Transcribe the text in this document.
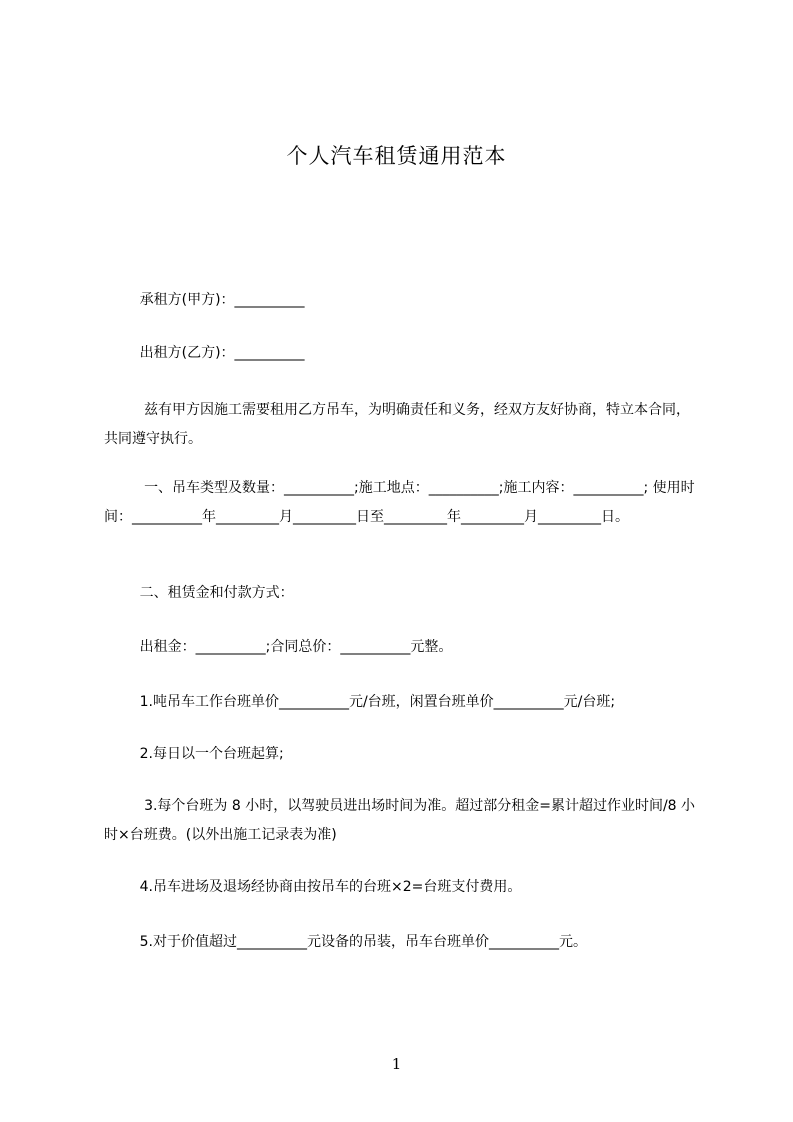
个人汽车租赁通用范本

承租方(甲方)：__________

出租方(乙方)：__________

兹有甲方因施工需要租用乙方吊车，为明确责任和义务，经双方友好协商，特立本合同，共同遵守执行。

一、吊车类型及数量：__________;施工地点：__________;施工内容：__________; 使用时间：__________年_________月_________日至_________年_________月_________日。

二、租赁金和付款方式：

出租金：__________;合同总价：__________元整。

1.吨吊车工作台班单价__________元/台班，闲置台班单价__________元/台班;

2.每日以一个台班起算;

3.每个台班为 8 小时，以驾驶员进出场时间为准。超过部分租金=累计超过作业时间/8 小时×台班费。(以外出施工记录表为准)

4.吊车进场及退场经协商由按吊车的台班×2=台班支付费用。

5.对于价值超过__________元设备的吊装，吊车台班单价__________元。

1
